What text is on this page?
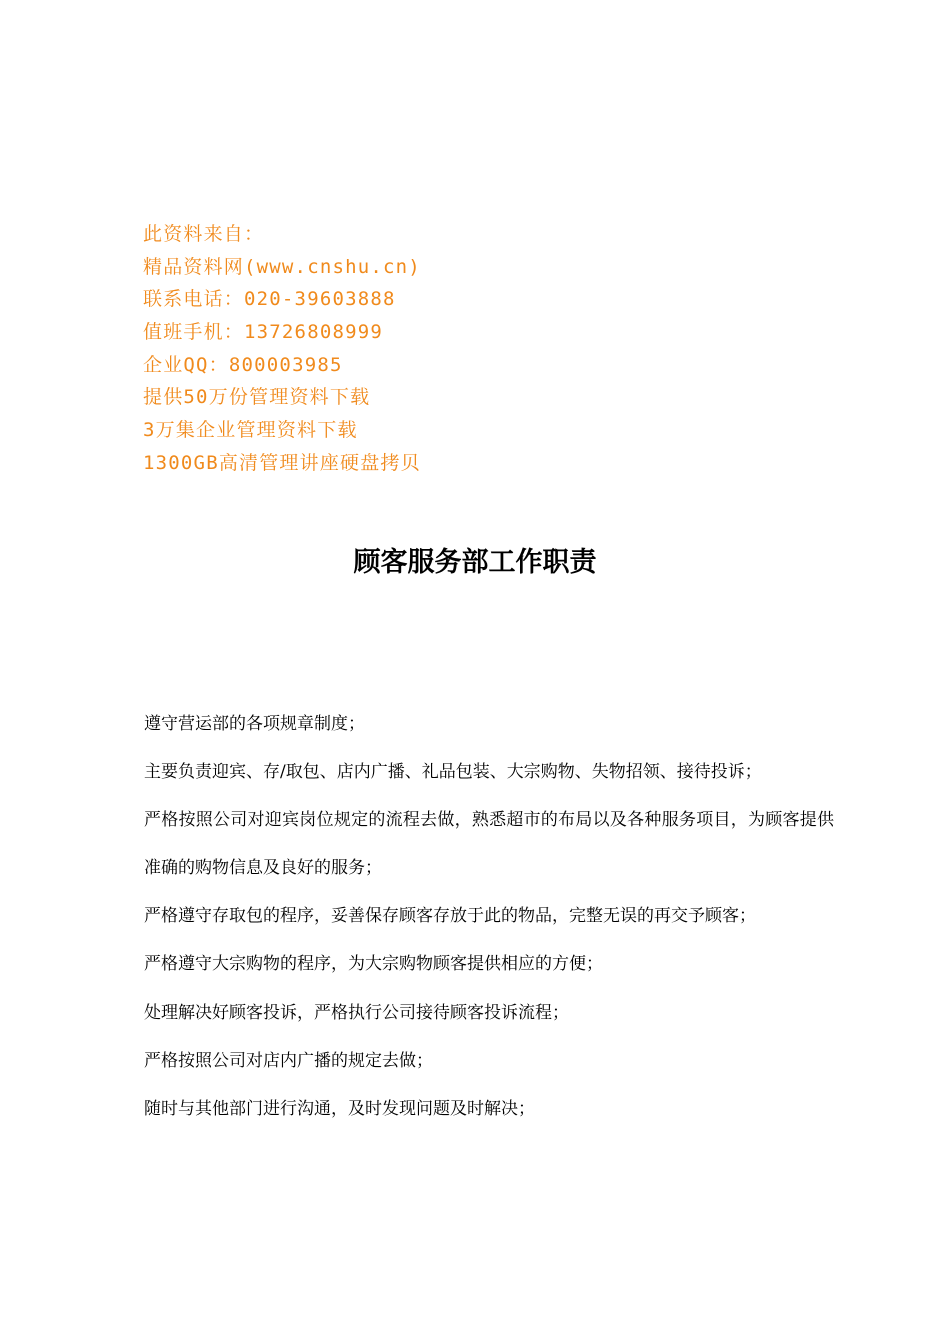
此资料来自：
精品资料网(www.cnshu.cn)
联系电话：020-39603888
值班手机：13726808999
企业QQ：800003985
提供50万份管理资料下载
3万集企业管理资料下载
1300GB高清管理讲座硬盘拷贝
顾客服务部工作职责

遵守营运部的各项规章制度；

主要负责迎宾、存/取包、店内广播、礼品包装、大宗购物、失物招领、接待投诉；

严格按照公司对迎宾岗位规定的流程去做，熟悉超市的布局以及各种服务项目，为顾客提供准确的购物信息及良好的服务；

严格遵守存取包的程序，妥善保存顾客存放于此的物品，完整无误的再交予顾客；

严格遵守大宗购物的程序，为大宗购物顾客提供相应的方便；

处理解决好顾客投诉，严格执行公司接待顾客投诉流程；

严格按照公司对店内广播的规定去做；

随时与其他部门进行沟通，及时发现问题及时解决；
